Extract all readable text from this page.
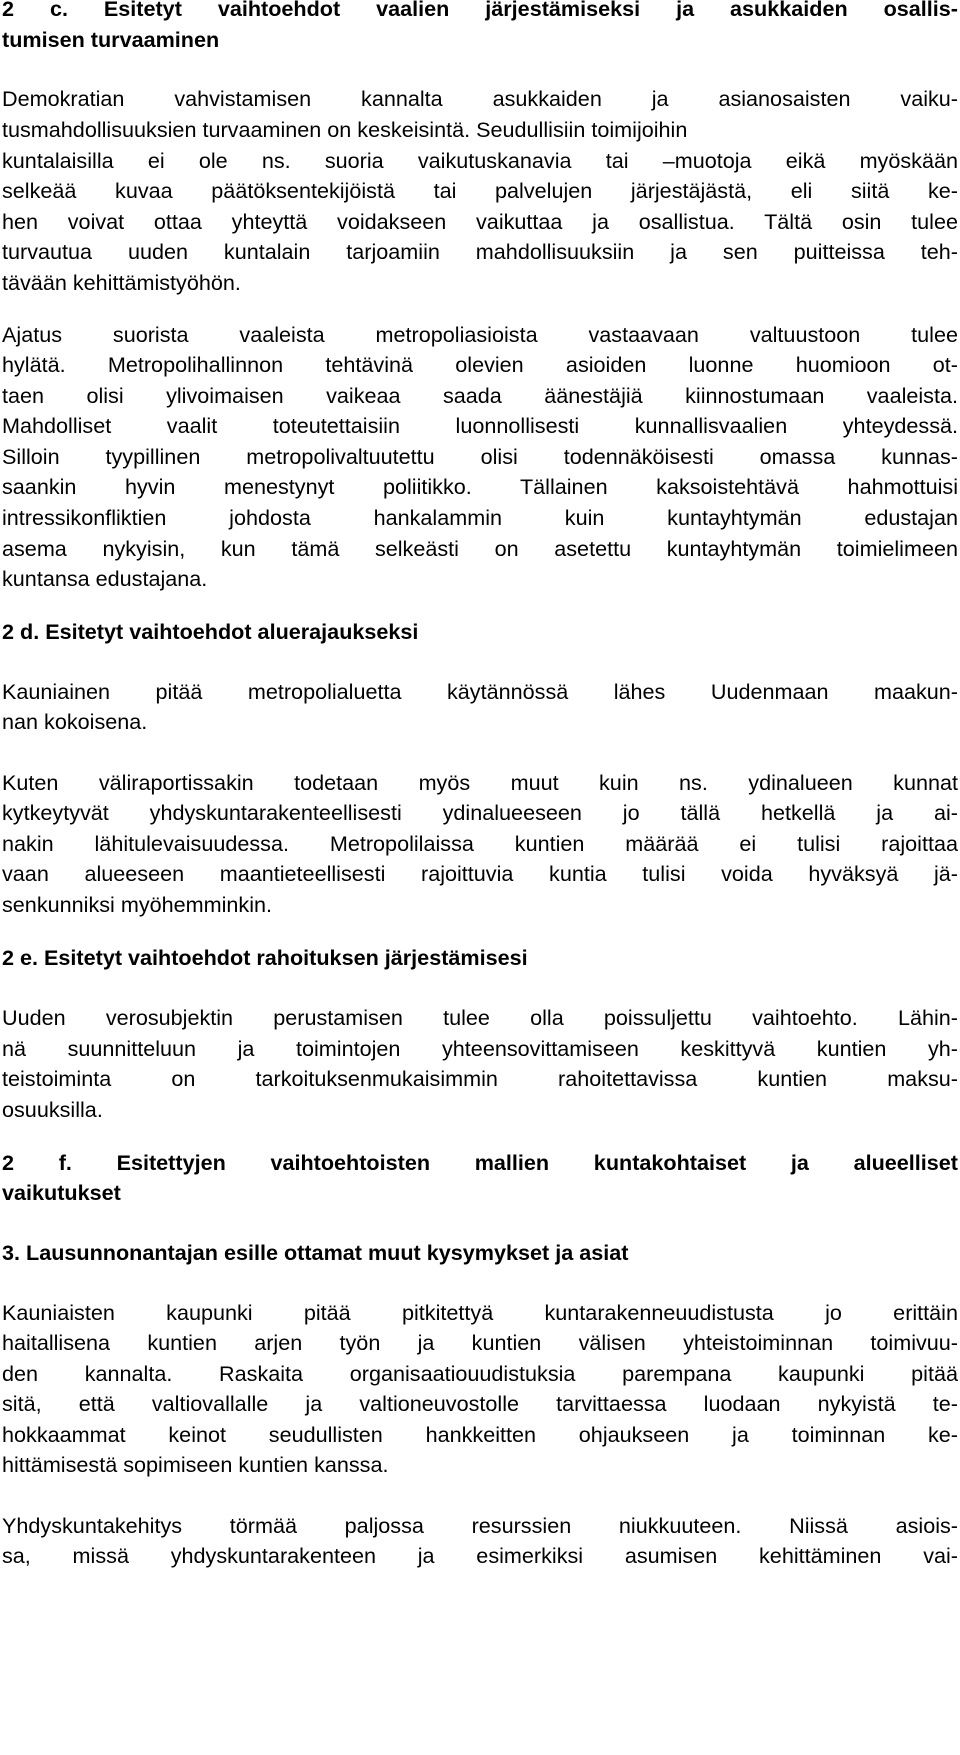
2 c. Esitetyt vaihtoehdot vaalien järjestämiseksi ja asukkaiden osallis-
tumisen turvaaminen
Demokratian vahvistamisen kannalta asukkaiden ja asianosaisten vaiku-
tusmahdollisuuksien turvaaminen on keskeisintä. Seudullisiin toimijoihin
kuntalaisilla ei ole ns. suoria vaikutuskanavia tai –muotoja eikä myöskään
selkeää kuvaa päätöksentekijöistä tai palvelujen järjestäjästä, eli siitä ke-
hen voivat ottaa yhteyttä voidakseen vaikuttaa ja osallistua. Tältä osin tulee
turvautua uuden kuntalain tarjoamiin mahdollisuuksiin ja sen puitteissa teh-
tävään kehittämistyöhön.
Ajatus suorista vaaleista metropoliasioista vastaavaan valtuustoon tulee
hylätä. Metropolihallinnon tehtävinä olevien asioiden luonne huomioon ot-
taen olisi ylivoimaisen vaikeaa saada äänestäjiä kiinnostumaan vaaleista.
Mahdolliset vaalit toteutettaisiin luonnollisesti kunnallisvaalien yhteydessä.
Silloin tyypillinen metropolivaltuutettu olisi todennäköisesti omassa kunnas-
saankin hyvin menestynyt poliitikko. Tällainen kaksoistehtävä hahmottuisi
intressikonfliktien johdosta hankalammin kuin kuntayhtymän edustajan
asema nykyisin, kun tämä selkeästi on asetettu kuntayhtymän toimielimeen
kuntansa edustajana.
2 d. Esitetyt vaihtoehdot aluerajaukseksi
Kauniainen pitää metropolialuetta käytännössä lähes Uudenmaan maakun-
nan kokoisena.
Kuten väliraportissakin todetaan myös muut kuin ns. ydinalueen kunnat
kytkeytyvät yhdyskuntarakenteellisesti ydinalueeseen jo tällä hetkellä ja ai-
nakin lähitulevaisuudessa. Metropolilaissa kuntien määrää ei tulisi rajoittaa
vaan alueeseen maantieteellisesti rajoittuvia kuntia tulisi voida hyväksyä jä-
senkunniksi myöhemminkin.
2 e. Esitetyt vaihtoehdot rahoituksen järjestämisesi
Uuden verosubjektin perustamisen tulee olla poissuljettu vaihtoehto. Lähin-
nä suunnitteluun ja toimintojen yhteensovittamiseen keskittyvä kuntien yh-
teistoiminta on tarkoituksenmukaisimmin rahoitettavissa kuntien maksu-
osuuksilla.
2 f. Esitettyjen vaihtoehtoisten mallien kuntakohtaiset ja alueelliset
vaikutukset
3. Lausunnonantajan esille ottamat muut kysymykset ja asiat
Kauniaisten kaupunki pitää pitkitettyä kuntarakenneuudistusta jo erittäin
haitallisena kuntien arjen työn ja kuntien välisen yhteistoiminnan toimivuu-
den kannalta. Raskaita organisaatiouudistuksia parempana kaupunki pitää
sitä, että valtiovallalle ja valtioneuvostolle tarvittaessa luodaan nykyistä te-
hokkaammat keinot seudullisten hankkeitten ohjaukseen ja toiminnan ke-
hittämisestä sopimiseen kuntien kanssa.
Yhdyskuntakehitys törmää paljossa resurssien niukkuuteen. Niissä asiois-
sa, missä yhdyskuntarakenteen ja esimerkiksi asumisen kehittäminen vai-
